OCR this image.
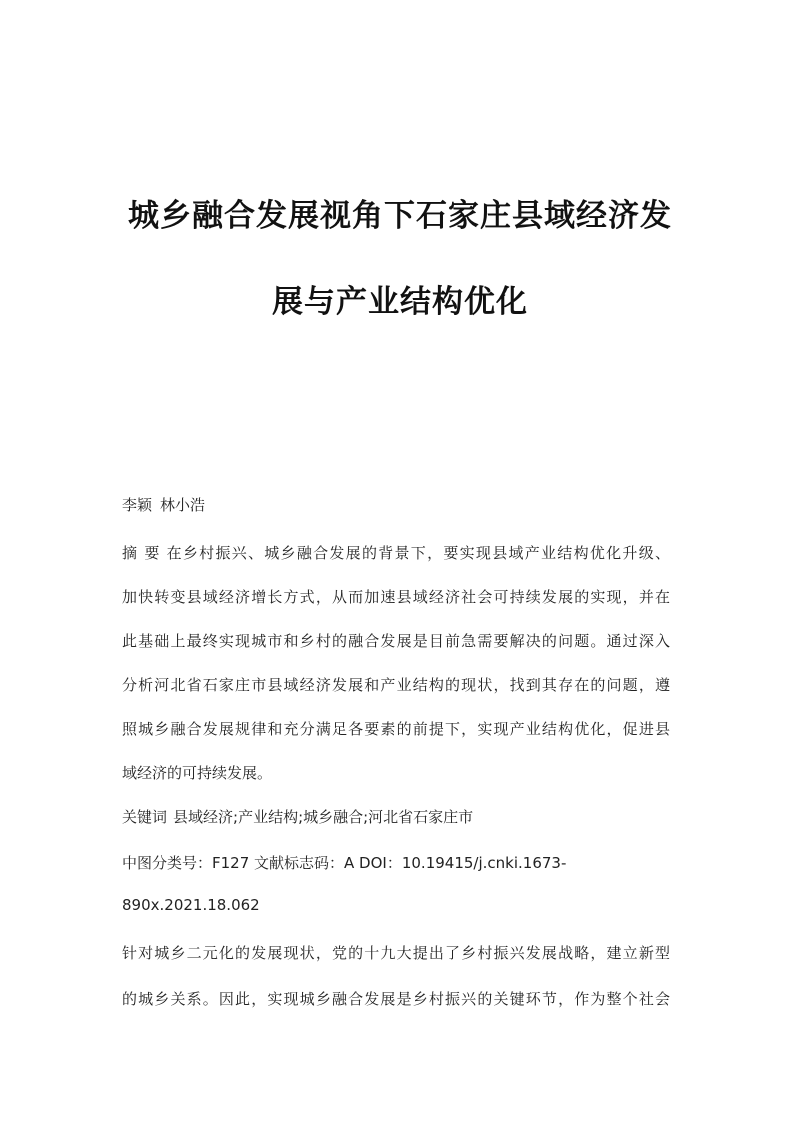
城乡融合发展视角下石家庄县域经济发
展与产业结构优化
李颖 林小浩
摘 要 在乡村振兴、城乡融合发展的背景下，要实现县域产业结构优化升级、
加快转变县域经济增长方式，从而加速县域经济社会可持续发展的实现，并在
此基础上最终实现城市和乡村的融合发展是目前急需要解决的问题。通过深入
分析河北省石家庄市县域经济发展和产业结构的现状，找到其存在的问题，遵
照城乡融合发展规律和充分满足各要素的前提下，实现产业结构优化，促进县
域经济的可持续发展。
关键词 县域经济;产业结构;城乡融合;河北省石家庄市
中图分类号：F127 文献标志码：A DOI：10.19415/j.cnki.1673-
890x.2021.18.062
针对城乡二元化的发展现状，党的十九大提出了乡村振兴发展战略，建立新型
的城乡关系。因此，实现城乡融合发展是乡村振兴的关键环节，作为整个社会
